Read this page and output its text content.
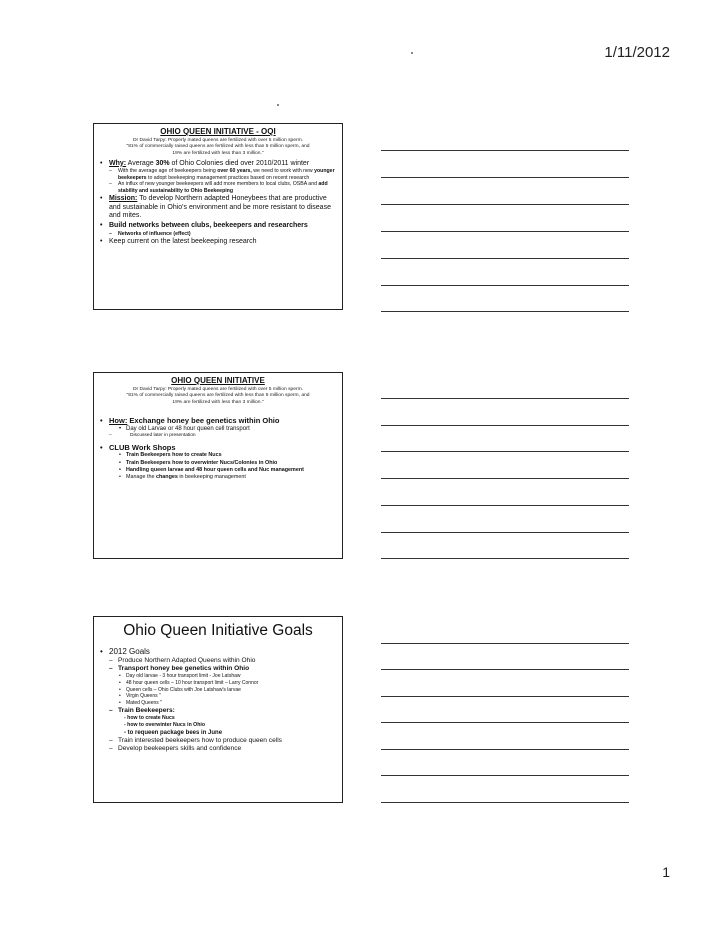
1/11/2012

OHIO QUEEN INITIATIVE - OQI

Dr David Tarpy: Properly mated queens are fertilized with over 5 million sperm.
"81% of commercially raised queens are fertilized with less than 5 million sperm, and
19% are fertilized with less than 3 million."

• Why: Average 30% of Ohio Colonies died over 2010/2011 winter
– With the average age of beekeepers being over 60 years, we need to work with new younger beekeepers to adopt beekeeping management practices based on recent research
– An influx of new younger beekeepers will add more members to local clubs, OSBA and add stability and sustainability to Ohio Beekeeping
• Mission: To develop Northern adapted Honeybees that are productive and sustainable in Ohio's environment and be more resistant to disease and mites.
• Build networks between clubs, beekeepers and researchers
– Networks of influence (effect)
• Keep current on the latest beekeeping research

OHIO QUEEN INITIATIVE

Dr David Tarpy: Properly mated queens are fertilized with over 5 million sperm.
"81% of commercially raised queens are fertilized with less than 5 million sperm, and
19% are fertilized with less than 3 million."

• How: Exchange honey bee genetics within Ohio
• Day old Larvae or 48 hour queen cell transport
– Discussed later in presentation
• CLUB Work Shops
• Train Beekeepers how to create Nucs
• Train Beekeepers how to overwinter Nucs/Colonies in Ohio
• Handling queen larvae and 48 hour queen cells and Nuc management
• Manage the changes in beekeeping management

Ohio Queen Initiative Goals

• 2012 Goals
– Produce Northern Adapted Queens within Ohio
– Transport honey bee genetics within Ohio
• Day old larvae - 3 hour transport limit - Joe Latshaw
• 48 hour queen cells – 10 hour transport limit – Larry Connor
• Queen cells – Ohio Clubs with Joe Latshaw's larvae
• Virgin Queens "
• Mated Queens "
– Train Beekeepers:
- how to create Nucs
- how to overwinter Nucs in Ohio
- to requeen package bees in June
– Train interested beekeepers how to produce queen cells
– Develop beekeepers skills and confidence
1
